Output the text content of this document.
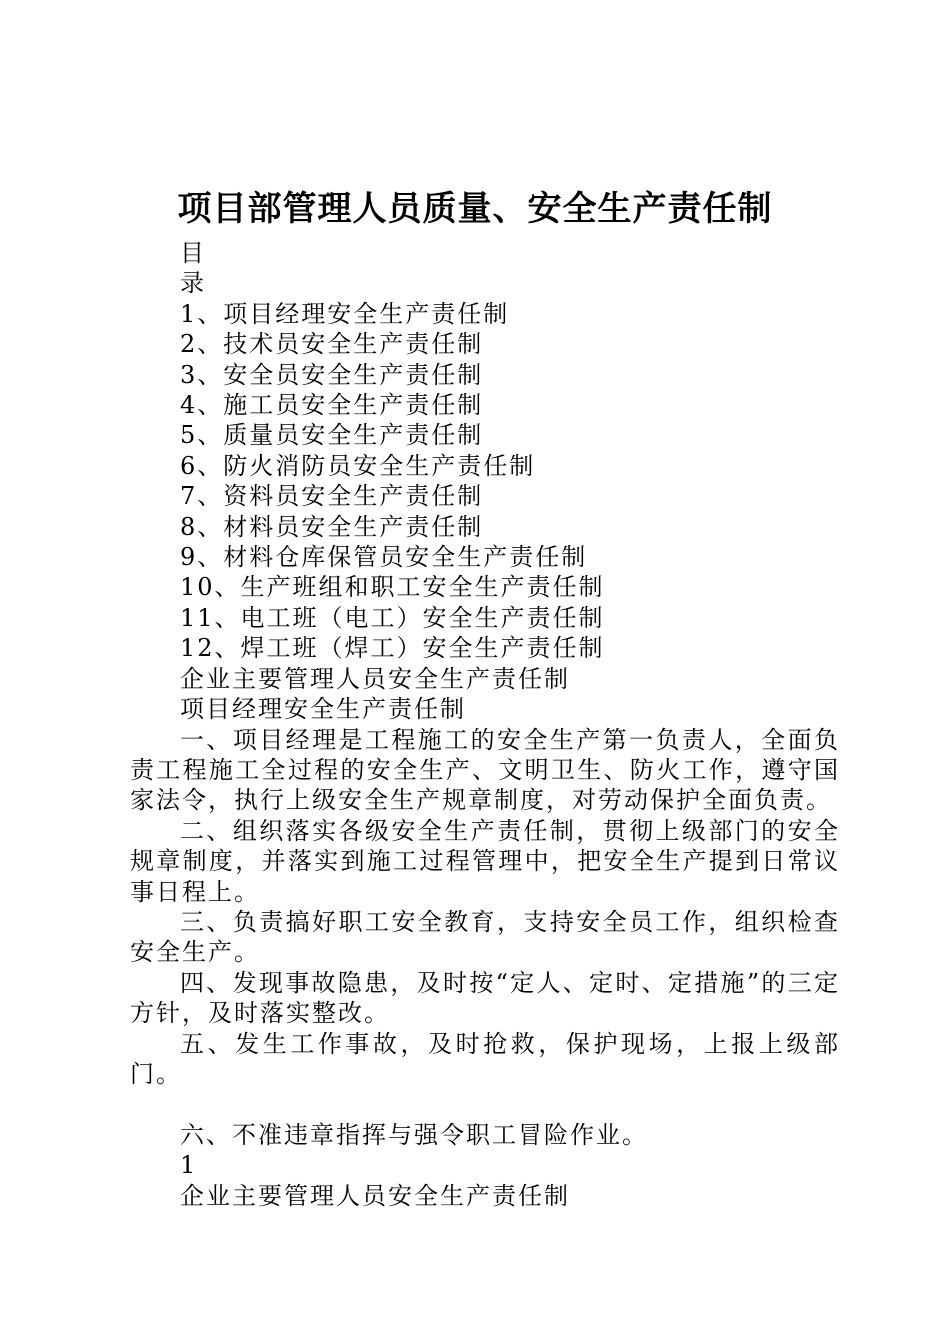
项目部管理人员质量、安全生产责任制

目

录

1、项目经理安全生产责任制

2、技术员安全生产责任制

3、安全员安全生产责任制

4、施工员安全生产责任制

5、质量员安全生产责任制

6、防火消防员安全生产责任制

7、资料员安全生产责任制

8、材料员安全生产责任制

9、材料仓库保管员安全生产责任制

10、生产班组和职工安全生产责任制

11、电工班（电工）安全生产责任制

12、焊工班（焊工）安全生产责任制

企业主要管理人员安全生产责任制

项目经理安全生产责任制

一、项目经理是工程施工的安全生产第一负责人，全面负责工程施工全过程的安全生产、文明卫生、防火工作，遵守国家法令，执行上级安全生产规章制度，对劳动保护全面负责。

二、组织落实各级安全生产责任制，贯彻上级部门的安全规章制度，并落实到施工过程管理中，把安全生产提到日常议事日程上。

三、负责搞好职工安全教育，支持安全员工作，组织检查安全生产。

四、发现事故隐患，及时按“定人、定时、定措施”的三定方针，及时落实整改。

五、发生工作事故，及时抢救，保护现场，上报上级部门。

六、不准违章指挥与强令职工冒险作业。

1

企业主要管理人员安全生产责任制
